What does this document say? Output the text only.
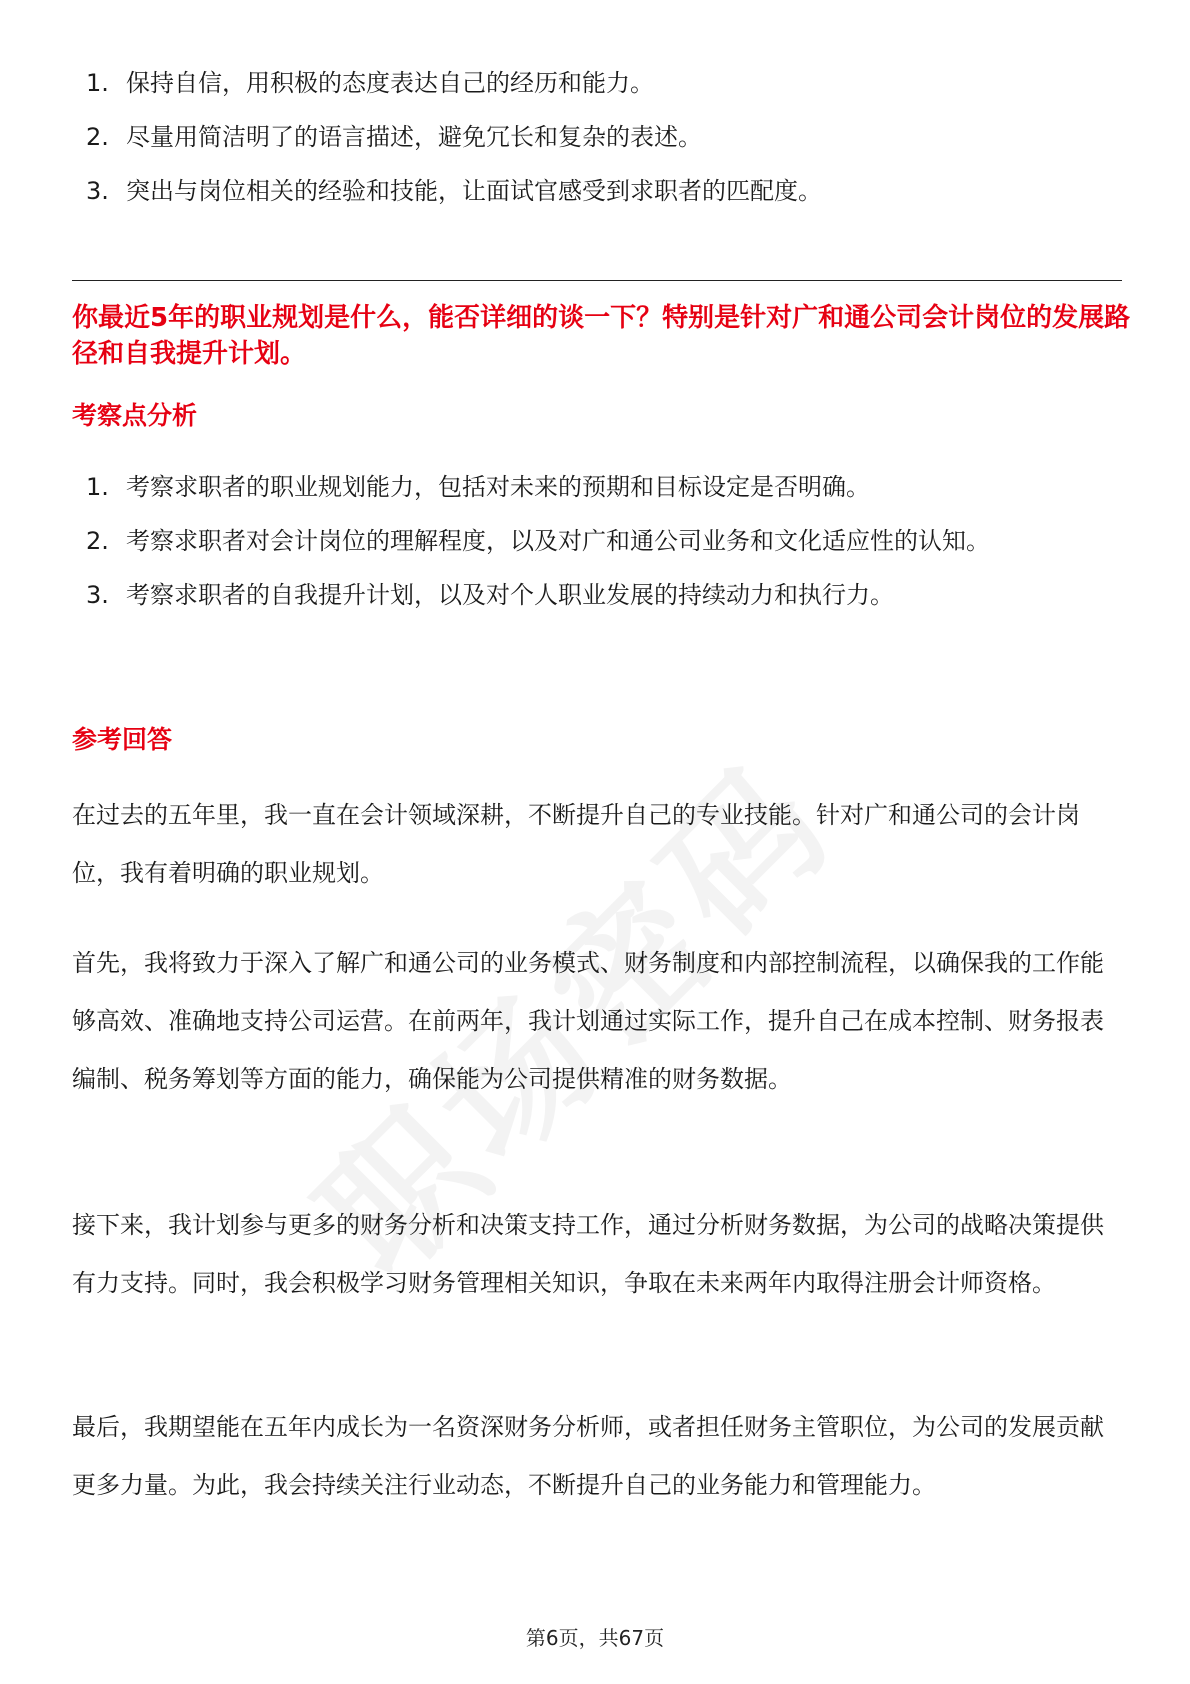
1. 保持自信，用积极的态度表达自己的经历和能力。
2. 尽量用简洁明了的语言描述，避免冗长和复杂的表述。
3. 突出与岗位相关的经验和技能，让面试官感受到求职者的匹配度。
你最近5年的职业规划是什么，能否详细的谈一下？特别是针对广和通公司会计岗位的发展路径和自我提升计划。
考察点分析
1. 考察求职者的职业规划能力，包括对未来的预期和目标设定是否明确。
2. 考察求职者对会计岗位的理解程度，以及对广和通公司业务和文化适应性的认知。
3. 考察求职者的自我提升计划，以及对个人职业发展的持续动力和执行力。
参考回答

在过去的五年里，我一直在会计领域深耕，不断提升自己的专业技能。针对广和通公司的会计岗位，我有着明确的职业规划。

首先，我将致力于深入了解广和通公司的业务模式、财务制度和内部控制流程，以确保我的工作能够高效、准确地支持公司运营。在前两年，我计划通过实际工作，提升自己在成本控制、财务报表编制、税务筹划等方面的能力，确保能为公司提供精准的财务数据。

接下来，我计划参与更多的财务分析和决策支持工作，通过分析财务数据，为公司的战略决策提供有力支持。同时，我会积极学习财务管理相关知识，争取在未来两年内取得注册会计师资格。

最后，我期望能在五年内成长为一名资深财务分析师，或者担任财务主管职位，为公司的发展贡献更多力量。为此，我会持续关注行业动态，不断提升自己的业务能力和管理能力。

第6页，共67页
